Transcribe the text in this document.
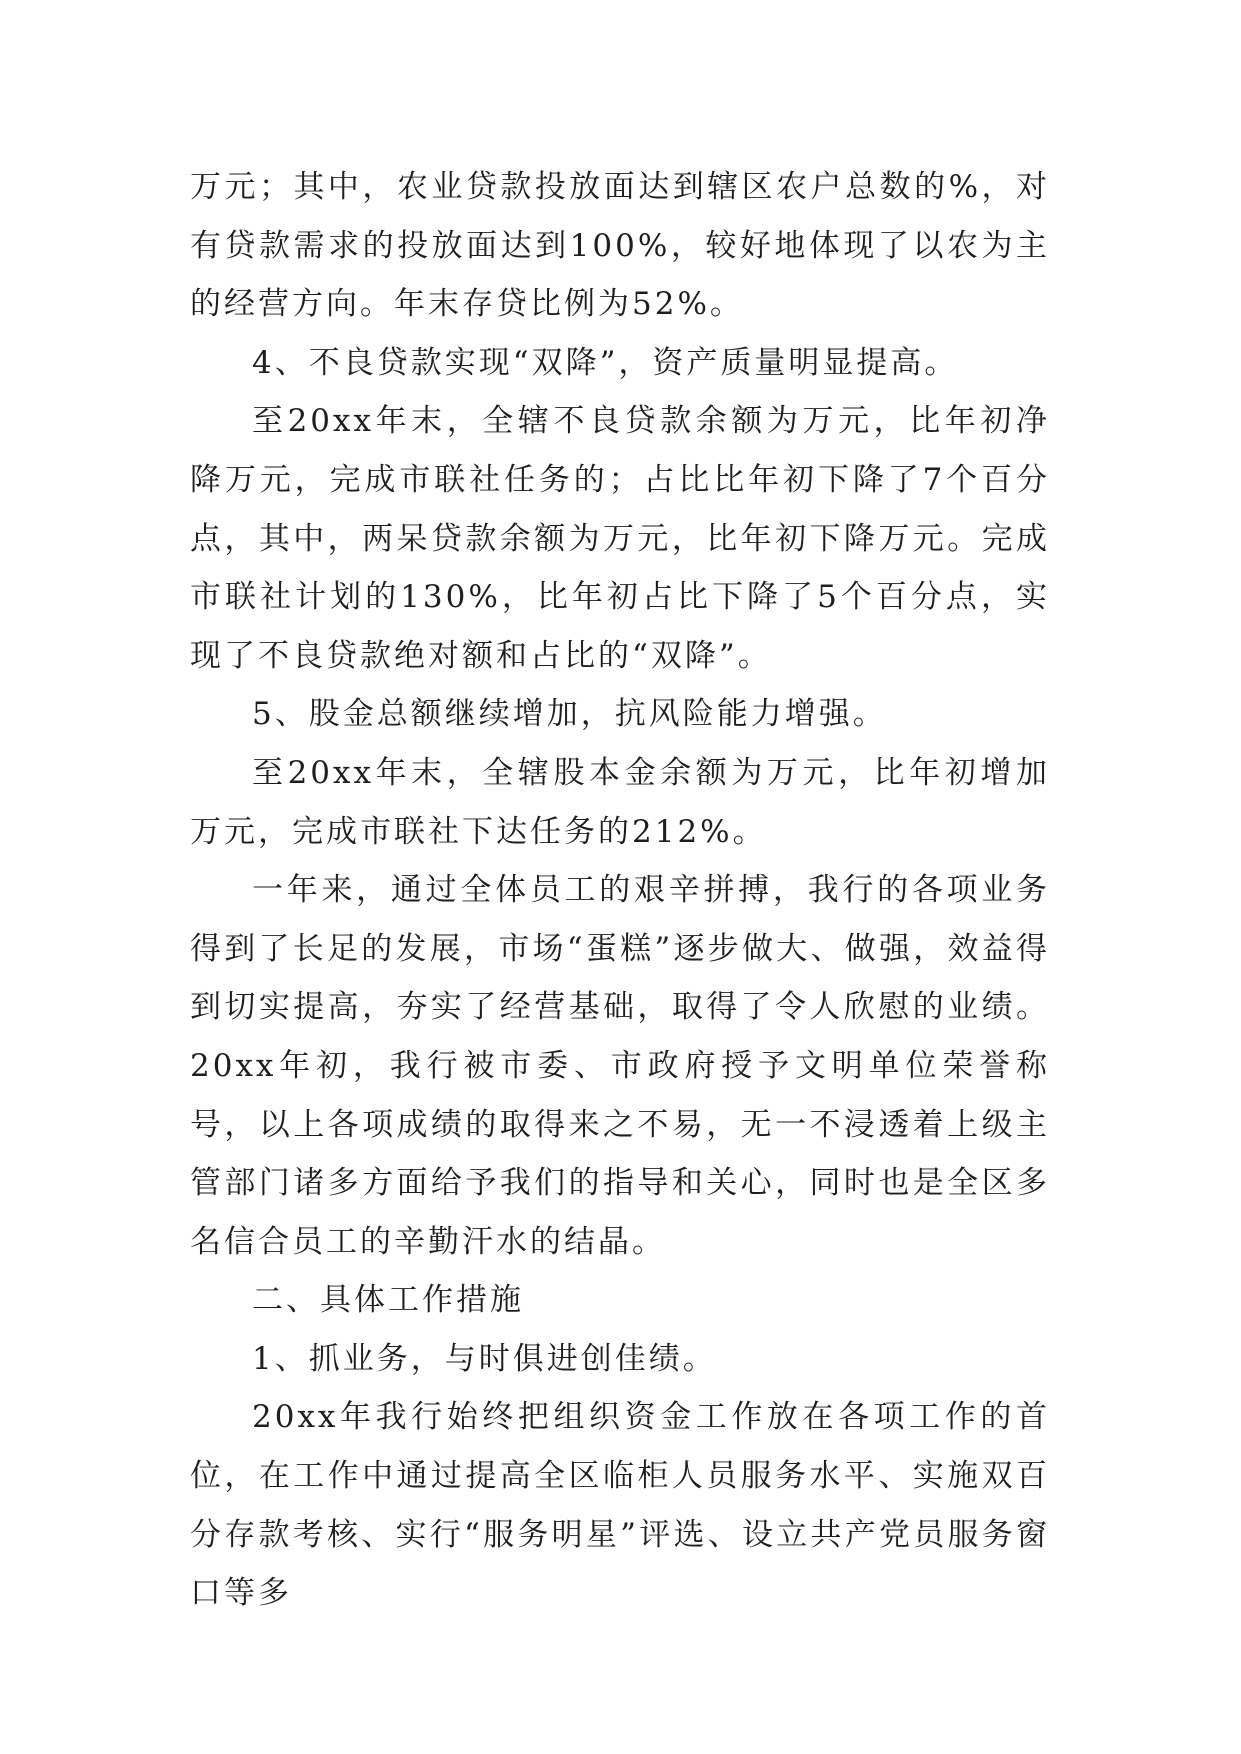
万元；其中，农业贷款投放面达到辖区农户总数的%，对有贷款需求的投放面达到100%，较好地体现了以农为主的经营方向。年末存贷比例为52%。

4、不良贷款实现“双降”，资产质量明显提高。

至20xx年末，全辖不良贷款余额为万元，比年初净降万元，完成市联社任务的；占比比年初下降了7个百分点，其中，两呆贷款余额为万元，比年初下降万元。完成市联社计划的130%，比年初占比下降了5个百分点，实现了不良贷款绝对额和占比的“双降”。

5、股金总额继续增加，抗风险能力增强。

至20xx年末，全辖股本金余额为万元，比年初增加万元，完成市联社下达任务的212%。

一年来，通过全体员工的艰辛拼搏，我行的各项业务得到了长足的发展，市场“蛋糕”逐步做大、做强，效益得到切实提高，夯实了经营基础，取得了令人欣慰的业绩。20xx年初，我行被市委、市政府授予文明单位荣誉称号，以上各项成绩的取得来之不易，无一不浸透着上级主管部门诸多方面给予我们的指导和关心，同时也是全区多名信合员工的辛勤汗水的结晶。

二、具体工作措施

1、抓业务，与时俱进创佳绩。

20xx年我行始终把组织资金工作放在各项工作的首位，在工作中通过提高全区临柜人员服务水平、实施双百分存款考核、实行“服务明星”评选、设立共产党员服务窗口等多
